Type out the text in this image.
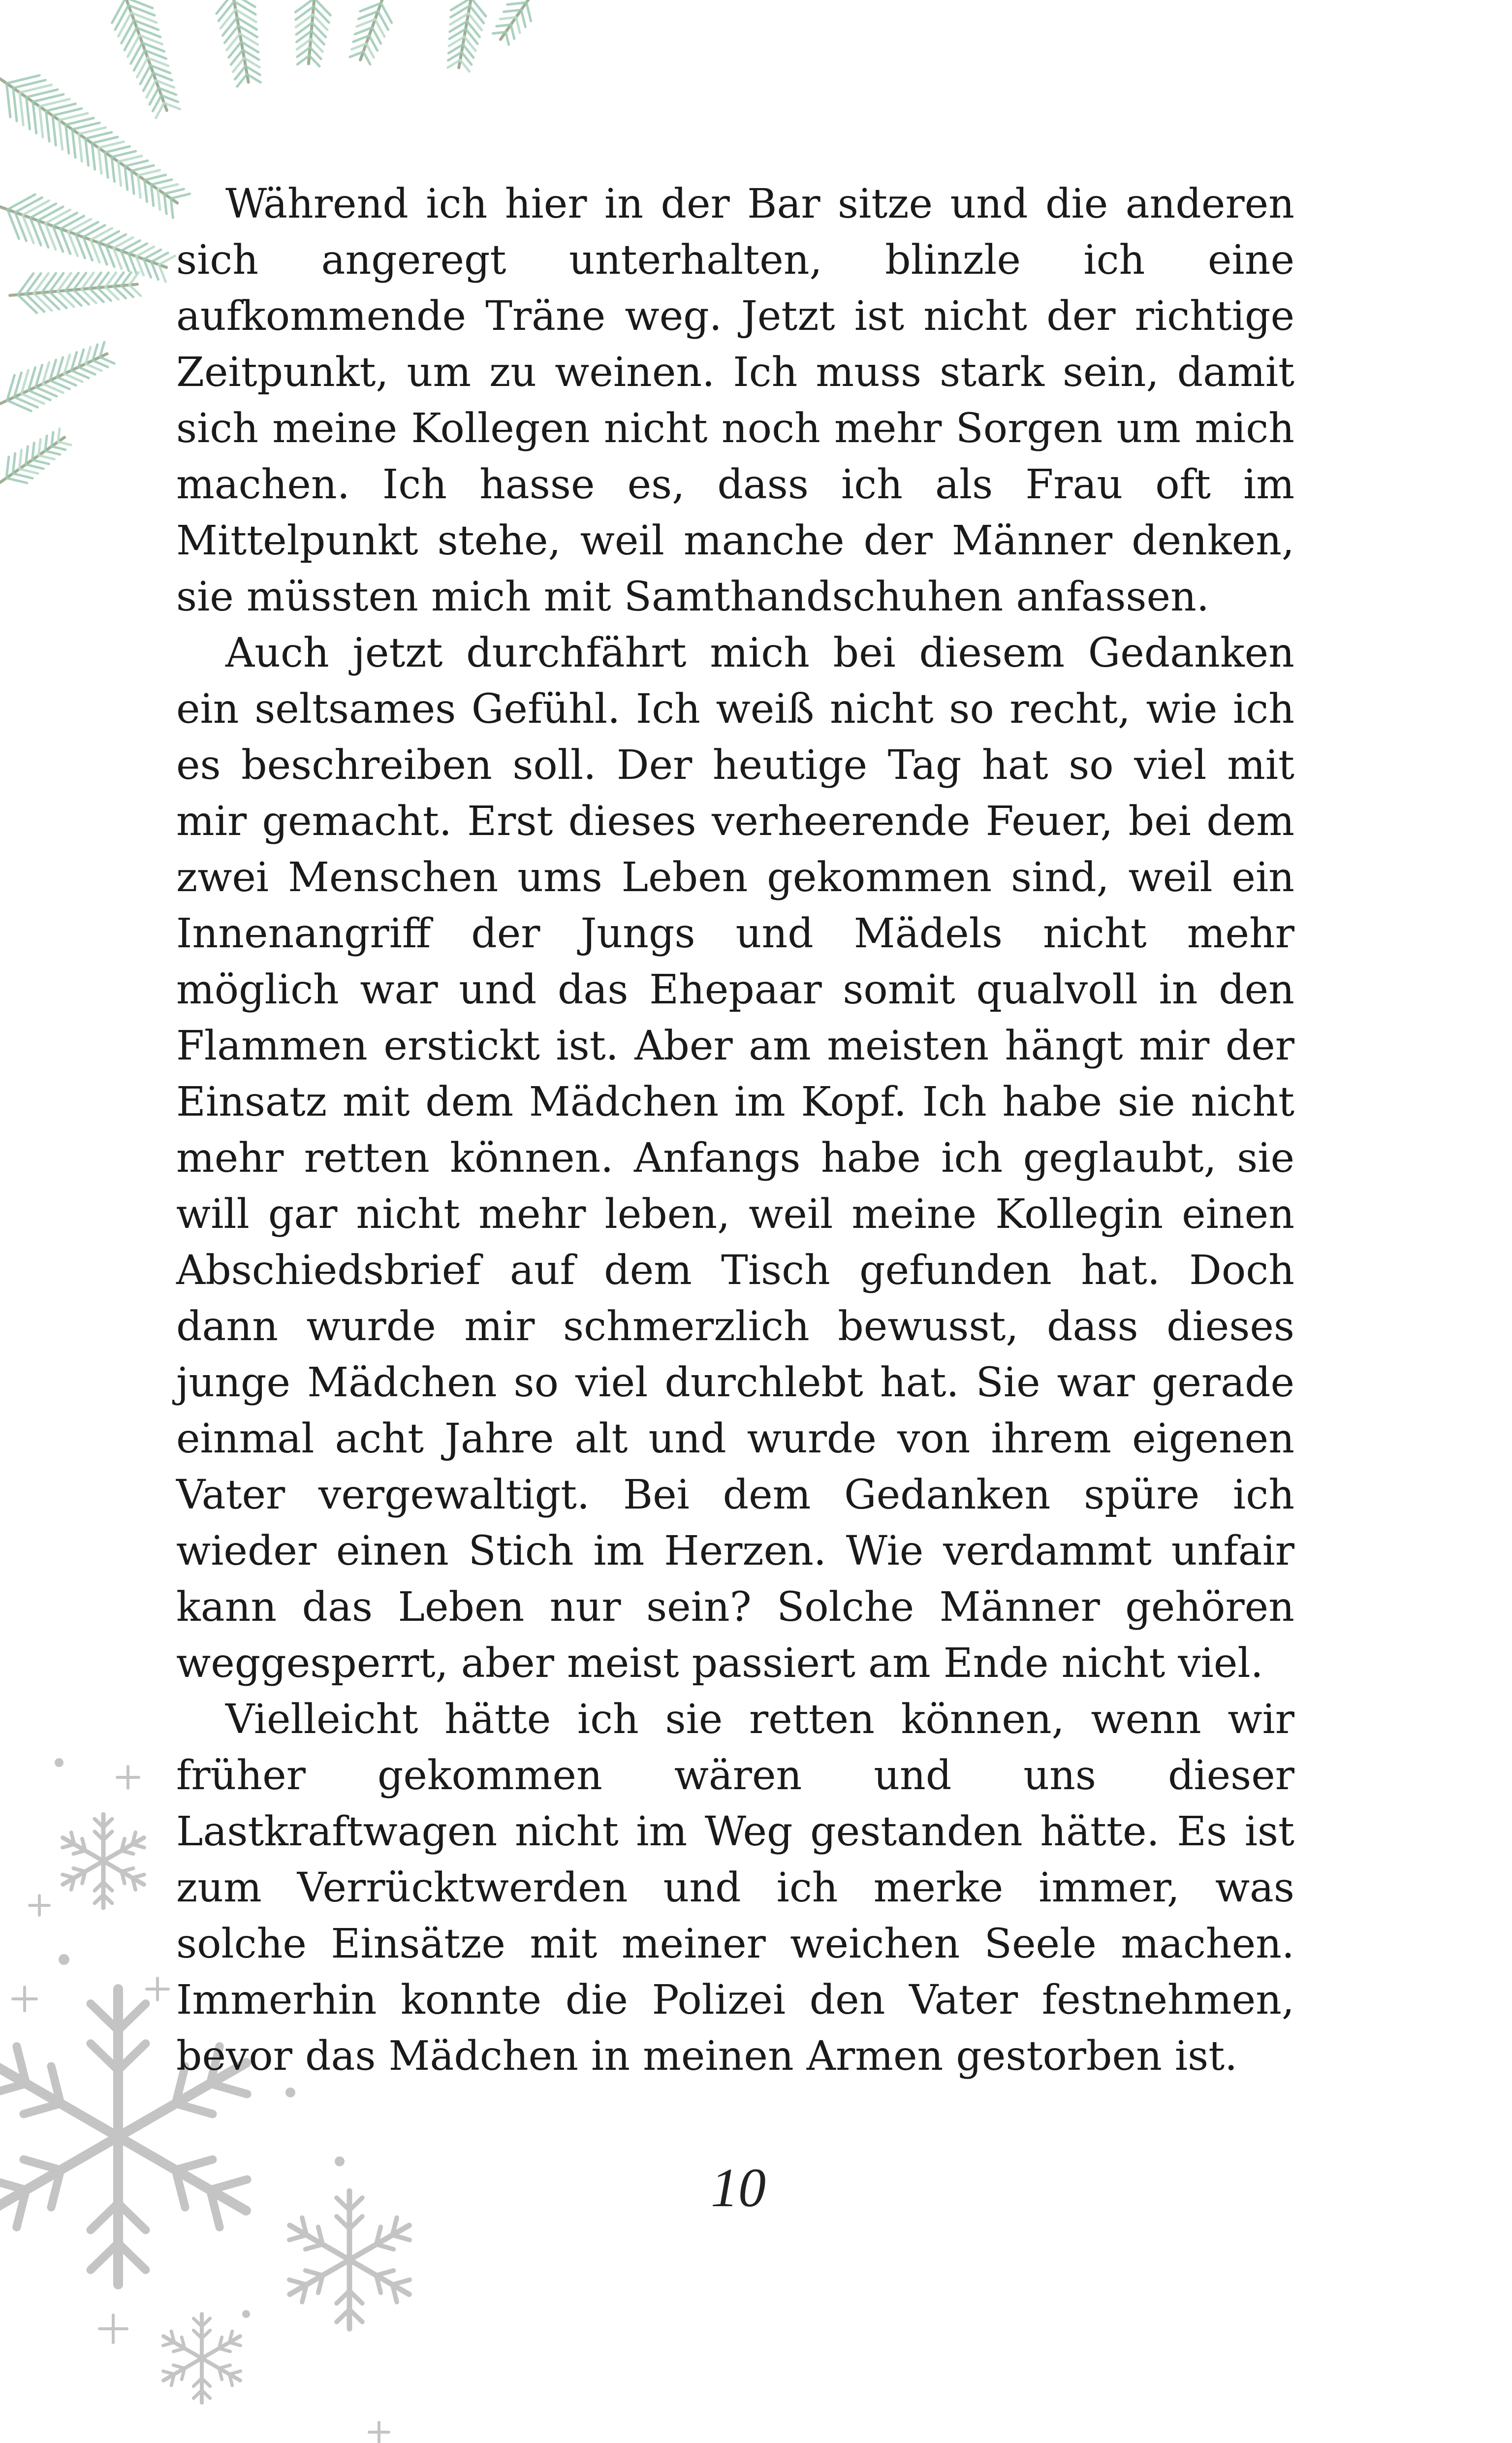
Während ich hier in der Bar sitze und die anderen sich angeregt unterhalten, blinzle ich eine aufkommende Träne weg. Jetzt ist nicht der richtige Zeitpunkt, um zu weinen. Ich muss stark sein, damit sich meine Kollegen nicht noch mehr Sorgen um mich machen. Ich hasse es, dass ich als Frau oft im Mittelpunkt stehe, weil manche der Männer denken, sie müssten mich mit Samthandschuhen anfassen.

Auch jetzt durchfährt mich bei diesem Gedanken ein seltsames Gefühl. Ich weiß nicht so recht, wie ich es beschreiben soll. Der heutige Tag hat so viel mit mir gemacht. Erst dieses verheerende Feuer, bei dem zwei Menschen ums Leben gekommen sind, weil ein Innenangriff der Jungs und Mädels nicht mehr möglich war und das Ehepaar somit qualvoll in den Flammen erstickt ist. Aber am meisten hängt mir der Einsatz mit dem Mädchen im Kopf. Ich habe sie nicht mehr retten können. Anfangs habe ich geglaubt, sie will gar nicht mehr leben, weil meine Kollegin einen Abschiedsbrief auf dem Tisch gefunden hat. Doch dann wurde mir schmerzlich bewusst, dass dieses junge Mädchen so viel durchlebt hat. Sie war gerade einmal acht Jahre alt und wurde von ihrem eigenen Vater vergewaltigt. Bei dem Gedanken spüre ich wieder einen Stich im Herzen. Wie verdammt unfair kann das Leben nur sein? Solche Männer gehören weggesperrt, aber meist passiert am Ende nicht viel.

Vielleicht hätte ich sie retten können, wenn wir früher gekommen wären und uns dieser Lastkraftwagen nicht im Weg gestanden hätte. Es ist zum Verrücktwerden und ich merke immer, was solche Einsätze mit meiner weichen Seele machen. Immerhin konnte die Polizei den Vater festnehmen, bevor das Mädchen in meinen Armen gestorben ist.

10
